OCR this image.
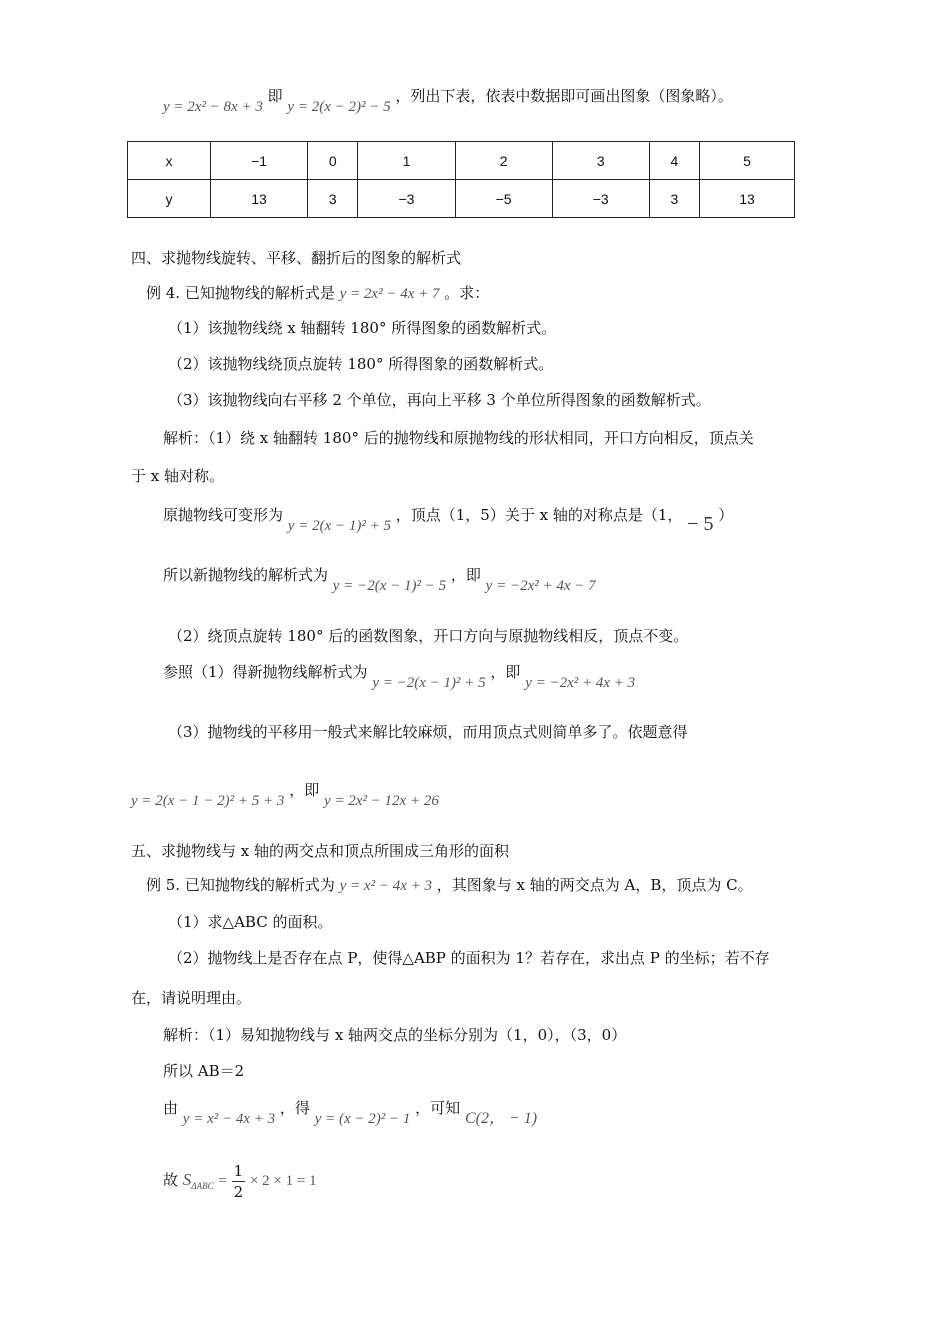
y = 2x² − 8x + 3 即 y = 2(x − 2)² − 5 ，列出下表，依表中数据即可画出图象（图象略）。
x	−1	0	1	2	3	4	5
y	13	3	−3	−5	−3	3	13
四、求抛物线旋转、平移、翻折后的图象的解析式
例 4. 已知抛物线的解析式是 y = 2x² − 4x + 7 。求：
（1）该抛物线绕 x 轴翻转 180° 所得图象的函数解析式。
（2）该抛物线绕顶点旋转 180° 所得图象的函数解析式。
（3）该抛物线向右平移 2 个单位，再向上平移 3 个单位所得图象的函数解析式。
解析：（1）绕 x 轴翻转 180° 后的抛物线和原抛物线的形状相同，开口方向相反，顶点关
于 x 轴对称。
原抛物线可变形为 y = 2(x − 1)² + 5 ，顶点（1，5）关于 x 轴的对称点是（1， − 5 ）
所以新抛物线的解析式为 y = −2(x − 1)² − 5 ，即 y = −2x² + 4x − 7
（2）绕顶点旋转 180° 后的函数图象，开口方向与原抛物线相反，顶点不变。
参照（1）得新抛物线解析式为 y = −2(x − 1)² + 5 ，即 y = −2x² + 4x + 3
（3）抛物线的平移用一般式来解比较麻烦，而用顶点式则简单多了。依题意得
y = 2(x − 1 − 2)² + 5 + 3 ，即 y = 2x² − 12x + 26
五、求抛物线与 x 轴的两交点和顶点所围成三角形的面积
例 5. 已知抛物线的解析式为 y = x² − 4x + 3 ，其图象与 x 轴的两交点为 A，B，顶点为 C。
（1）求△ABC 的面积。
（2）抛物线上是否存在点 P，使得△ABP 的面积为 1？若存在，求出点 P 的坐标；若不存
在，请说明理由。
解析：（1）易知抛物线与 x 轴两交点的坐标分别为（1，0），（3，0）
所以 AB＝2
由 y = x² − 4x + 3 ，得 y = (x − 2)² − 1 ，可知 C(2， − 1)
故 $S_{\Delta ABC} = \frac{1}{2} \times 2 \times 1 = 1$
